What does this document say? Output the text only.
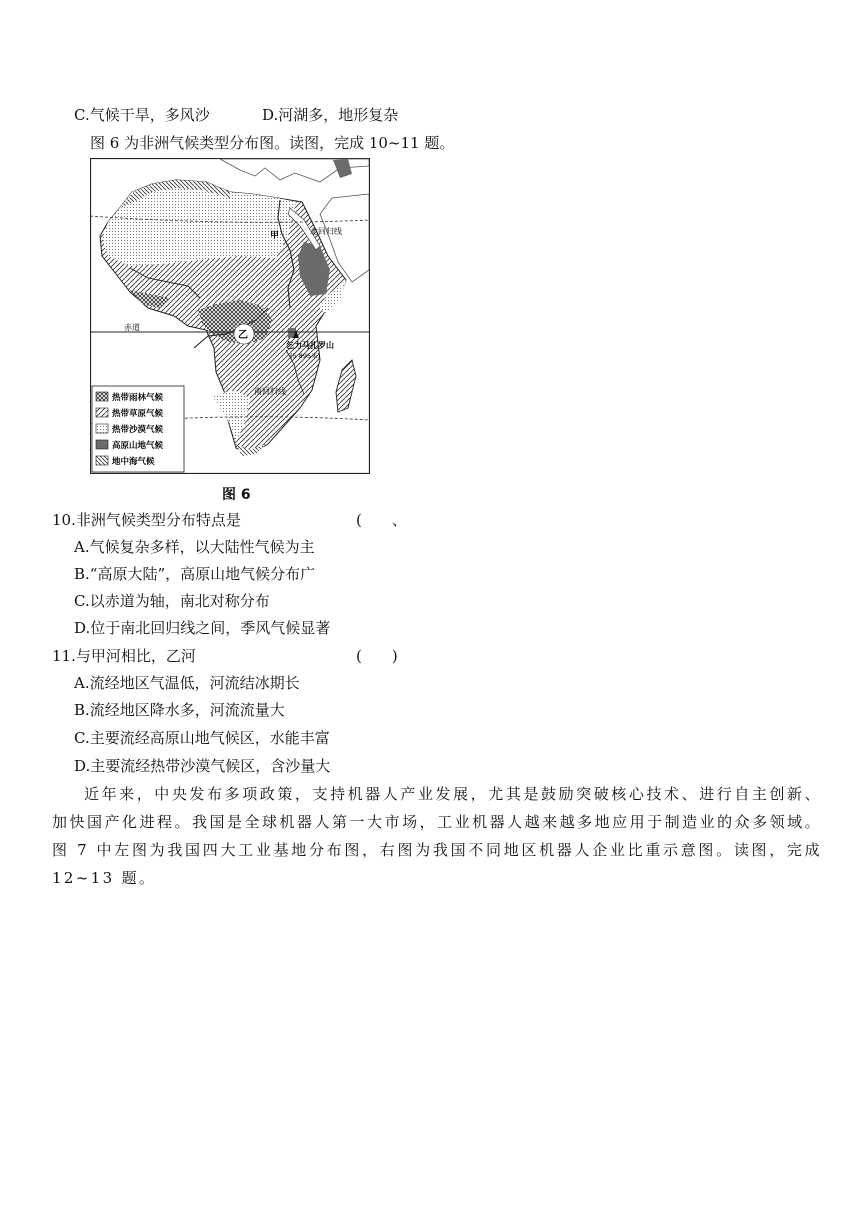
C.气候干旱，多风沙	D.河湖多，地形复杂
图 6 为非洲气候类型分布图。读图，完成 10~11 题。
甲	北回归线
赤道
乙
乞力马扎罗山
(5 895米)
南回归线
热带雨林气候
热带草原气候
热带沙漠气候
高原山地气候
地中海气候
图 6
10.非洲气候类型分布特点是	(　　、
A.气候复杂多样，以大陆性气候为主
B.“高原大陆”，高原山地气候分布广
C.以赤道为轴，南北对称分布
D.位于南北回归线之间，季风气候显著
11.与甲河相比，乙河	(　　)
A.流经地区气温低，河流结冰期长
B.流经地区降水多，河流流量大
C.主要流经高原山地气候区，水能丰富
D.主要流经热带沙漠气候区，含沙量大
近年来，中央发布多项政策，支持机器人产业发展，尤其是鼓励突破核心技术、进行自主创新、加快国产化进程。我国是全球机器人第一大市场，工业机器人越来越多地应用于制造业的众多领域。图 7 中左图为我国四大工业基地分布图，右图为我国不同地区机器人企业比重示意图。读图，完成 12~13 题。
